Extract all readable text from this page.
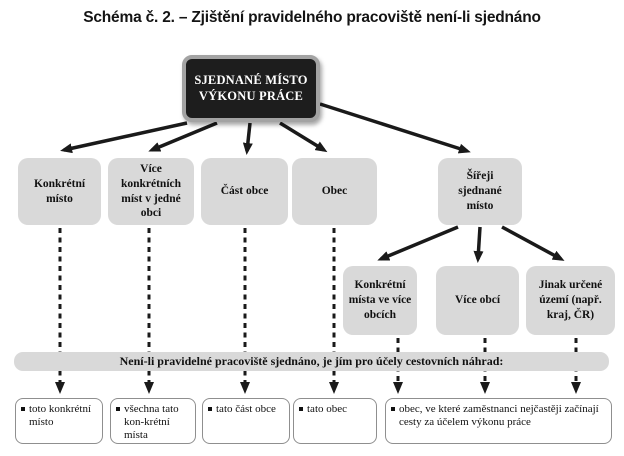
Schéma č. 2. – Zjištění pravidelného pracoviště není-li sjednáno
SJEDNANÉ MÍSTO VÝKONU PRÁCE
Konkrétní místo
Více konkrétních míst v jedné obci
Část obce	Obec
Šířeji sjednané místo
Konkrétní místa ve více obcích
Více obcí
Jinak určené území (např. kraj, ČR)
Není-li pravidelné pracoviště sjednáno, je jím pro účely cestovních náhrad:
toto konkrétní místo
všechna tato kon-krétní místa
tato část obce	tato obec	obec, ve které zaměstnanci nejčastěji začínají cesty za účelem výkonu práce
